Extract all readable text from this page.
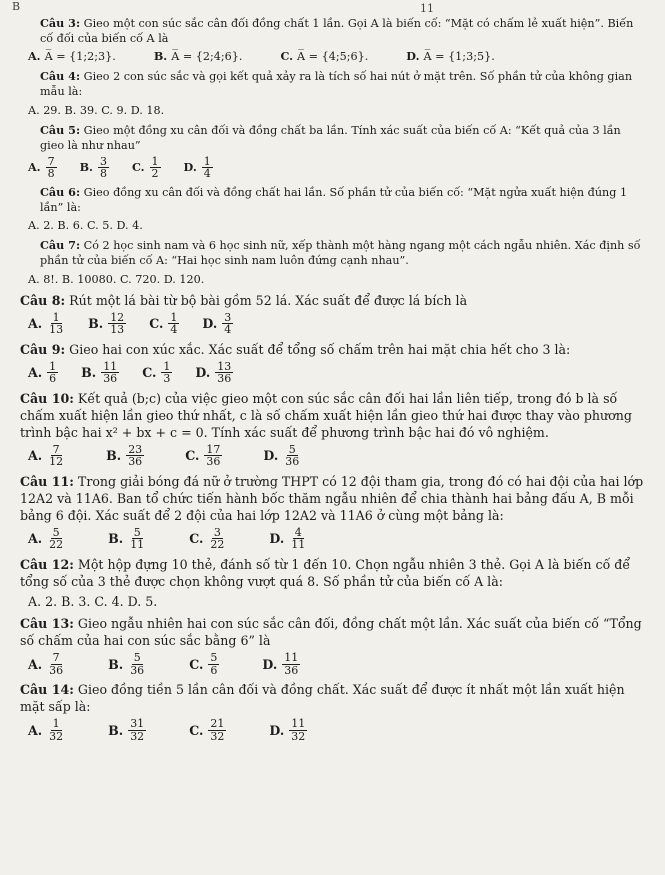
B	11
Câu 3: Gieo một con súc sắc cân đối đồng chất 1 lần. Gọi A là biến cố: “Mặt có chấm lẻ xuất hiện”. Biến cố đối của biến cố A là
A. A̅ = {1;2;3}.	B. A̅ = {2;4;6}.	C. A̅ = {4;5;6}.	D. A̅ = {1;3;5}.
Câu 4: Gieo 2 con súc sắc và gọi kết quả xảy ra là tích số hai nút ở mặt trên. Số phần tử của không gian mẫu là:
A. 29. B. 39. C. 9. D. 18.
Câu 5: Gieo một đồng xu cân đối và đồng chất ba lần. Tính xác suất của biến cố A: “Kết quả của 3 lần gieo là như nhau”
A. $\frac{7}{8} B$. $\frac{3}{8} C$. $\frac{1}{2} D$. $\frac{1}{4}$
Câu 6: Gieo đồng xu cân đối và đồng chất hai lần. Số phần tử của biến cố: “Mặt ngửa xuất hiện đúng 1 lần” là:
A. 2. B. 6. C. 5. D. 4.
Câu 7: Có 2 học sinh nam và 6 học sinh nữ, xếp thành một hàng ngang một cách ngẫu nhiên. Xác định số phần tử của biến cố A: “Hai học sinh nam luôn đứng cạnh nhau”.
A. 8!. B. 10080. C. 720. D. 120.
Câu 8: Rút một lá bài từ bộ bài gồm 52 lá. Xác suất để được lá bích là
A. $\frac{1}{13} B$. $\frac{12}{13} C$. $\frac{1}{4} D$. $\frac{3}{4}$
Câu 9: Gieo hai con xúc xắc. Xác suất để tổng số chấm trên hai mặt chia hết cho 3 là:
A. $\frac{1}{6} B$. $\frac{11}{36} C$. $\frac{1}{3} D$. $\frac{13}{36}$
Câu 10: Kết quả (b;c) của việc gieo một con súc sắc cân đối hai lần liên tiếp, trong đó b là số chấm xuất hiện lần gieo thứ nhất, c là số chấm xuất hiện lần gieo thứ hai được thay vào phương trình bậc hai x² + bx + c = 0. Tính xác suất để phương trình bậc hai đó vô nghiệm.
A. $\frac{7}{12}$	B. $\frac{23}{36}$	C. $\frac{17}{36}$	D. $\frac{5}{36}$
Câu 11: Trong giải bóng đá nữ ở trường THPT có 12 đội tham gia, trong đó có hai đội của hai lớp 12A2 và 11A6. Ban tổ chức tiến hành bốc thăm ngẫu nhiên để chia thành hai bảng đấu A, B mỗi bảng 6 đội. Xác suất để 2 đội của hai lớp 12A2 và 11A6 ở cùng một bảng là:
A. $\frac{5}{22}$	B. $\frac{5}{11}$	C. $\frac{3}{22}$	D. $\frac{4}{11}$
Câu 12: Một hộp đựng 10 thẻ, đánh số từ 1 đến 10. Chọn ngẫu nhiên 3 thẻ. Gọi A là biến cố để tổng số của 3 thẻ được chọn không vượt quá 8. Số phần tử của biến cố A là:
A. 2. B. 3. C. 4. D. 5.
Câu 13: Gieo ngẫu nhiên hai con súc sắc cân đối, đồng chất một lần. Xác suất của biến cố “Tổng số chấm của hai con súc sắc bằng 6” là
A. $\frac{7}{36}$	B. $\frac{5}{36}$	C. $\frac{5}{6}$	D. $\frac{11}{36}$
Câu 14: Gieo đồng tiền 5 lần cân đối và đồng chất. Xác suất để được ít nhất một lần xuất hiện mặt sấp là:
A. $\frac{1}{32}$	B. $\frac{31}{32}$	C. $\frac{21}{32}$	D. $\frac{11}{32}$
